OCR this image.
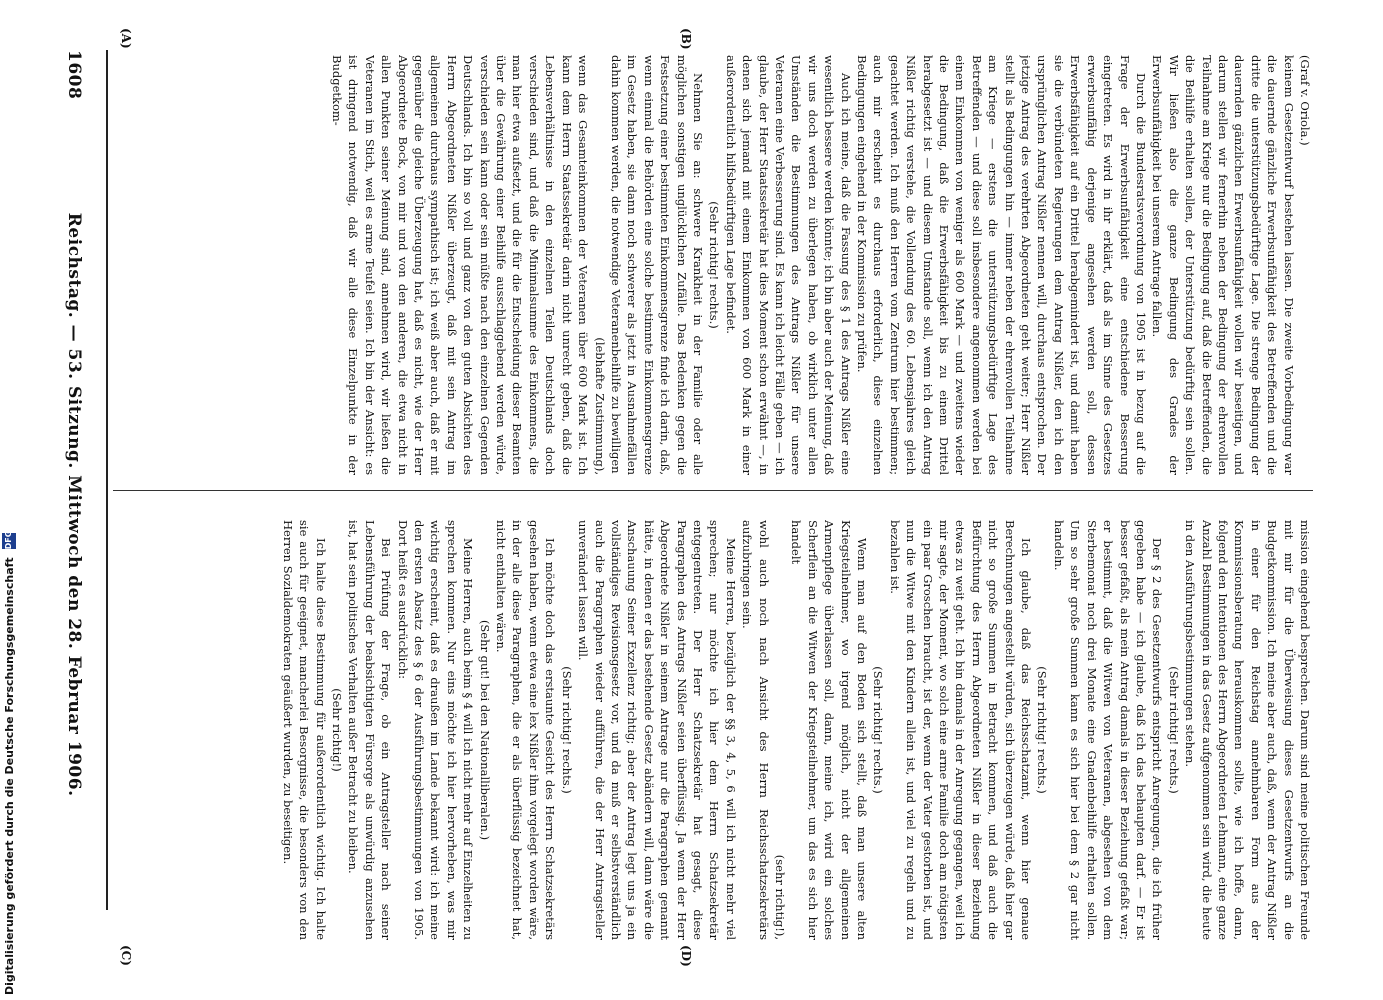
1608
Reichstag. — 53. Sitzung. Mittwoch den 28. Februar 1906.
(A)	(B)
(C)	(D)

(Graf v. Oriola.)

keinem Gesetzentwurf bestehen lassen. Die zweite Vorbedingung war die dauernde gänzliche Erwerbsunfähigkeit des Betreffenden und die dritte die unterstützungsbedürftige Lage. Die strenge Bedingung der dauernden gänzlichen Erwerbsunfähigkeit wollen wir beseitigen, und darum stellen wir fernerhin neben der Bedingung der ehrenvollen Teilnahme am Kriege nur die Bedingung auf, daß die Betreffenden, die die Beihilfe erhalten sollen, der Unterstützung bedürftig sein sollen. Wir ließen also die ganze Bedingung des Grades der Erwerbsunfähigkeit bei unserem Antrage fallen.

Durch die Bundesratsverordnung von 1905 ist in bezug auf die Frage der Erwerbsunfähigkeit eine entschiedene Besserung eingetreten. Es wird in ihr erklärt, daß als im Sinne des Gesetzes erwerbsunfähig derjenige angesehen werden soll, dessen Erwerbsfähigkeit auf ein Drittel herabgemindert ist, und damit haben sie die verbündeten Regierungen dem Antrag Nißler, den ich den ursprünglichen Antrag Nißler nennen will, durchaus entsprochen. Der jetzige Antrag des verehrten Abgeordneten geht weiter; Herr Nißler stellt als Bedingungen hin — immer neben der ehrenvollen Teilnahme am Kriege — erstens die unterstützungsbedürftige Lage des Betreffenden — und diese soll insbesondere angenommen werden bei einem Einkommen von weniger als 600 Mark — und zweitens wieder die Bedingung, daß die Erwerbsfähigkeit bis zu einem Drittel herabgesetzt ist — und diesem Umstande soll, wenn ich den Antrag Nißler richtig verstehe, die Vollendung des 60. Lebensjahres gleich geachtet werden. Ich muß den Herren vom Zentrum hier bestimmen; auch mir erscheint es durchaus erforderlich, diese einzelnen Bedingungen eingehend in der Kommission zu prüfen.

Auch ich meine, daß die Fassung des § 1 des Antrags Nißler eine wesentlich bessere werden könnte; ich bin aber auch der Meinung, daß wir uns doch werden zu überlegen haben, ob wirklich unter allen Umständen die Bestimmungen des Antrags Nißler für unsere Veteranen eine Verbesserung sind. Es kann ich leicht Fälle geben — ich glaube, der Herr Staatssekretär hat dies Moment schon erwähnt —, in denen sich jemand mit einem Einkommen von 600 Mark in einer außerordentlich hilfsbedürftigen Lage befindet.

(Sehr richtig! rechts.)

Nehmen Sie an: schwere Krankheit in der Familie oder alle möglichen sonstigen unglücklichen Zufälle. Das Bedenken gegen die Festsetzung einer bestimmten Einkommensgrenze finde ich darin, daß, wenn einmal die Behörden eine solche bestimmte Einkommensgrenze im Gesetz haben, sie dann noch schwerer als jetzt in Ausnahmefällen dahin kommen werden, die notwendige Veteranenbeihilfe zu bewilligen

(lebhafte Zustimmung),

wenn das Gesamteinkommen der Veteranen über 600 Mark ist. Ich kann dem Herrn Staatssekretär darin nicht unrecht geben, daß die Lebensverhältnisse in den einzelnen Teilen Deutschlands doch verschieden sind, und daß die Minimalsumme des Einkommens, die man hier etwa aufsetzt, und die für die Entscheidung dieser Beamten über die Gewährung einer Beihilfe ausschlaggebend werden würde, verschieden sein kann oder sein müßte nach den einzelnen Gegenden Deutschlands. Ich bin so voll und ganz von den guten Absichten des Herrn Abgeordneten Nißler überzeugt, daß mit sein Antrag im allgemeinen durchaus sympathisch ist; ich weiß aber auch, daß er mit gegenüber die gleiche Überzeugung hat, daß es nicht, wie der Herr Abgeordnete Bock, von mir und von den anderen, die etwa nicht in allen Punkten seiner Meinung sind, annehmen wird, wir ließen die Veteranen im Stich, weil es arme Teufel seien. Ich bin der Ansicht: es ist dringend notwendig, daß wir alle diese Einzelpunkte in der Budgetkom-

mission eingehend besprechen. Darum sind meine politischen Freunde mit mir für die Überweisung dieses Gesetzentwurfs an die Budgetkommission. Ich meine aber auch, daß, wenn der Antrag Nißler in einer für den Reichstag annehmbaren Form aus der Kommissionsberatung herauskommen sollte, wie ich hoffe, dann, folgend den Intentionen des Herrn Abgeordneten Lehmann, eine ganze Anzahl Bestimmungen in das Gesetz aufgenommen sein wird, die heute in den Ausführungsbestimmungen stehen.

(Sehr richtig! rechts.)

Der § 2 des Gesetzentwurfs entspricht Anregungen, die ich früher gegeben habe — ich glaube, daß ich das behaupten darf. — Er ist besser gefaßt, als mein Antrag damals in dieser Beziehung gefaßt war; er bestimmt, daß die Witwen von Veteranen, abgesehen von dem Sterbemonat noch drei Monate eine Gnadenbeihilfe erhalten sollen. Um so sehr große Summen kann es sich hier bei dem § 2 gar nicht handeln.

(Sehr richtig! rechts.)

Ich glaube, daß das Reichsschatzamt, wenn hier genaue Berechnungen angestellt würden, sich überzeugen würde, daß hier gar nicht so große Summen in Betracht kommen, und daß auch die Befürchtung des Herrn Abgeordneten Nißler in dieser Beziehung etwas zu weit geht. Ich bin damals in der Anregung gegangen, weil ich mir sagte, der Moment, wo solch eine arme Familie doch am nötigsten ein paar Groschen braucht, ist der, wenn der Vater gestorben ist, und nun die Witwe mit den Kindern allein ist, und viel zu regeln und zu bezahlen ist.

(Sehr richtig! rechts.)

Wenn man auf den Boden sich stellt, daß man unsere alten Kriegsteilnehmer, wo irgend möglich, nicht der allgemeinen Armenpflege überlassen soll, dann, meine ich, wird ein solches Scherflein an die Witwen der Kriegsteilnehmer, um das es sich hier handelt

(sehr richtig!),

wohl auch noch nach Ansicht des Herrn Reichsschatzsekretärs aufzubringen sein.

Meine Herren, bezüglich der §§ 3, 4, 5, 6 will ich nicht mehr viel sprechen; nur möchte ich hier dem Herrn Schatzsekretär entgegentreten. Der Herr Schatzsekretär hat gesagt, diese Paragraphen des Antrags Nißler seien überflüssig. Ja wenn der Herr Abgeordnete Nißler in seinem Antrage nur die Paragraphen genannt hätte, in denen er das bestehende Gesetz abändern will, dann wäre die Anschauung Seiner Exzellenz richtig; aber der Antrag legt uns ja ein vollständiges Revisionsgesetz vor, und da muß er selbstverständlich auch die Paragraphen wieder aufführen, die der Herr Antragsteller unverändert lassen will.

(Sehr richtig! rechts.)

Ich möchte doch das erstaunte Gesicht des Herrn Schatzsekretärs gesehen haben, wenn etwa eine lex Nißler ihm vorgelegt worden wäre, in der alle diese Paragraphen, die er als überflüssig bezeichnet hat, nicht enthalten wären.

(Sehr gut! bei den Nationalliberalen.)

Meine Herren, auch beim § 4 will ich nicht mehr auf Einzelheiten zu sprechen kommen. Nur eins möchte ich hier hervorheben, was mir wichtig erscheint, daß es draußen im Lande bekannt wird: ich meine den ersten Absatz des § 6 der Ausführungsbestimmungen von 1905. Dort heißt es ausdrücklich:

Bei Prüfung der Frage, ob ein Antragsteller nach seiner Lebensführung der beabsichtigten Fürsorge als unwürdig anzusehen ist, hat sein politisches Verhalten außer Betracht zu bleiben.

(Sehr richtig!)

Ich halte diese Bestimmung für außerordentlich wichtig. Ich halte sie auch für geeignet, mancherlei Besorgnisse, die besonders von den Herren Sozialdemokraten geäußert wurden, zu beseitigen.

Digitalisierung gefördert durch die Deutsche Forschungsgemeinschaft
DFG
